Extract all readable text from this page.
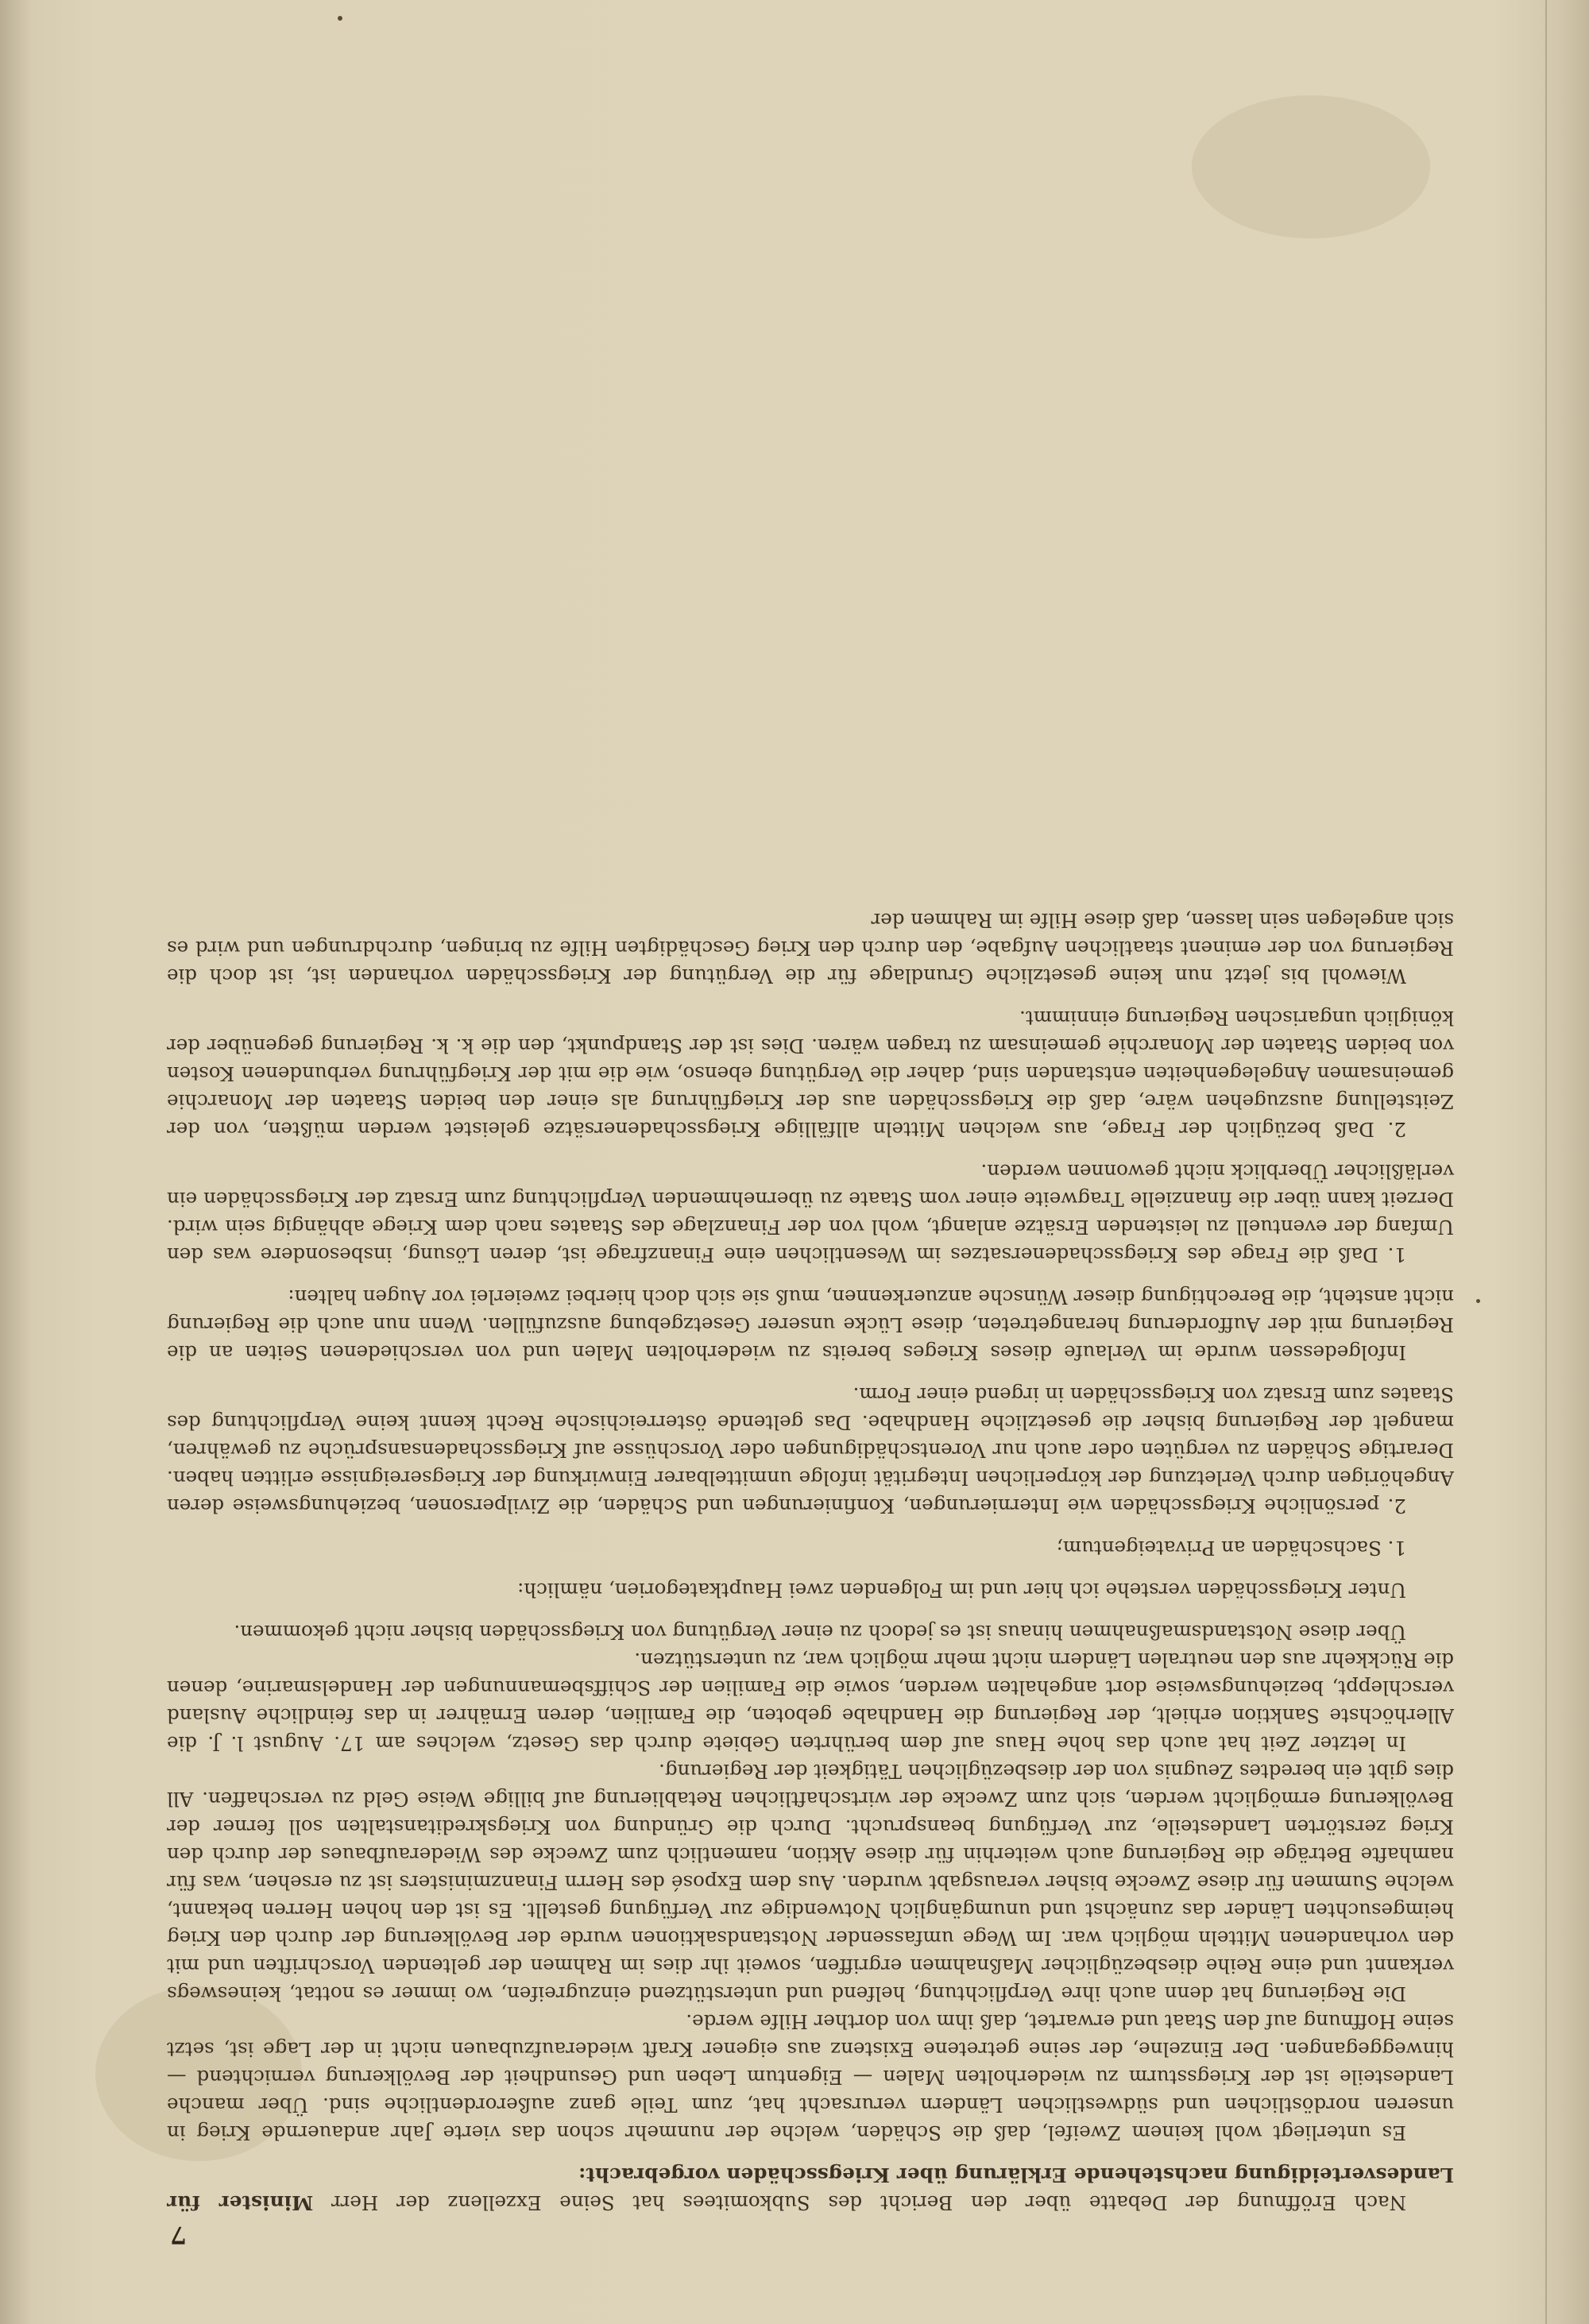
7

Nach Eröffnung der Debatte über den Bericht des Subkomitees hat Seine Exzellenz der Herr Minister für Landesverteidigung nachstehende Erklärung über Kriegsschäden vorgebracht:

Es unterliegt wohl keinem Zweifel, daß die Schäden, welche der nunmehr schon das vierte Jahr andauernde Krieg in unseren nordöstlichen und südwestlichen Ländern verursacht hat, zum Teile ganz außerordentliche sind. Über manche Landesteile ist der Kriegssturm zu wiederholten Malen — Eigentum Leben und Gesundheit der Bevölkerung vernichtend — hinweggegangen. Der Einzelne, der seine getretene Existenz aus eigener Kraft wiederaufzubauen nicht in der Lage ist, setzt seine Hoffnung auf den Staat und erwartet, daß ihm von dorther Hilfe werde.

Die Regierung hat denn auch ihre Verpflichtung, helfend und unterstützend einzugreifen, wo immer es nottat, keineswegs verkannt und eine Reihe diesbezüglicher Maßnahmen ergriffen, soweit ihr dies im Rahmen der geltenden Vorschriften und mit den vorhandenen Mitteln möglich war. Im Wege umfassender Notstandsaktionen wurde der Bevölkerung der durch den Krieg heimgesuchten Länder das zunächst und unumgänglich Notwendige zur Verfügung gestellt. Es ist den hohen Herren bekannt, welche Summen für diese Zwecke bisher verausgabt wurden. Aus dem Exposé des Herrn Finanzministers ist zu ersehen, was für namhafte Beträge die Regierung auch weiterhin für diese Aktion, namentlich zum Zwecke des Wiederaufbaues der durch den Krieg zerstörten Landesteile, zur Verfügung beansprucht. Durch die Gründung von Kriegskreditanstalten soll ferner der Bevölkerung ermöglicht werden, sich zum Zwecke der wirtschaftlichen Retablierung auf billige Weise Geld zu verschaffen. All dies gibt ein beredtes Zeugnis von der diesbezüglichen Tätigkeit der Regierung.

In letzter Zeit hat auch das hohe Haus auf dem berührten Gebiete durch das Gesetz, welches am 17. August l. J. die Allerhöchste Sanktion erhielt, der Regierung die Handhabe geboten, die Familien, deren Ernährer in das feindliche Ausland verschleppt, beziehungsweise dort angehalten werden, sowie die Familien der Schiffsbemannungen der Handelsmarine, denen die Rückkehr aus den neutralen Ländern nicht mehr möglich war, zu unterstützen.

Über diese Notstandsmaßnahmen hinaus ist es jedoch zu einer Vergütung von Kriegsschäden bisher nicht gekommen.

Unter Kriegsschäden verstehe ich hier und im Folgenden zwei Hauptkategorien, nämlich:

1. Sachschäden an Privateigentum;

2. persönliche Kriegsschäden wie Internierungen, Konfinierungen und Schäden, die Zivilpersonen, beziehungsweise deren Angehörigen durch Verletzung der körperlichen Integrität infolge unmittelbarer Einwirkung der Kriegsereignisse erlitten haben. Derartige Schäden zu vergüten oder auch nur Vorentschädigungen oder Vorschüsse auf Kriegsschadensansprüche zu gewähren, mangelt der Regierung bisher die gesetzliche Handhabe. Das geltende österreichische Recht kennt keine Verpflichtung des Staates zum Ersatz von Kriegsschäden in irgend einer Form.

Infolgedessen wurde im Verlaufe dieses Krieges bereits zu wiederholten Malen und von verschiedenen Seiten an die Regierung mit der Aufforderung herangetreten, diese Lücke unserer Gesetzgebung auszufüllen. Wenn nun auch die Regierung nicht ansteht, die Berechtigung dieser Wünsche anzuerkennen, muß sie sich doch hierbei zweierlei vor Augen halten:

1. Daß die Frage des Kriegsschadenersatzes im Wesentlichen eine Finanzfrage ist, deren Lösung, insbesondere was den Umfang der eventuell zu leistenden Ersätze anlangt, wohl von der Finanzlage des Staates nach dem Kriege abhängig sein wird. Derzeit kann über die finanzielle Tragweite einer vom Staate zu übernehmenden Verpflichtung zum Ersatz der Kriegsschäden ein verläßlicher Überblick nicht gewonnen werden.

2. Daß bezüglich der Frage, aus welchen Mitteln allfällige Kriegsschadenersätze geleistet werden müßten, von der Zeitstellung auszugehen wäre, daß die Kriegsschäden aus der Kriegführung als einer den beiden Staaten der Monarchie gemeinsamen Angelegenheiten entstanden sind, daher die Vergütung ebenso, wie die mit der Kriegführung verbundenen Kosten von beiden Staaten der Monarchie gemeinsam zu tragen wären. Dies ist der Standpunkt, den die k. k. Regierung gegenüber der königlich ungarischen Regierung einnimmt.

Wiewohl bis jetzt nun keine gesetzliche Grundlage für die Vergütung der Kriegsschäden vorhanden ist, ist doch die Regierung von der eminent staatlichen Aufgabe, den durch den Krieg Geschädigten Hilfe zu bringen, durchdrungen und wird es sich angelegen sein lassen, daß diese Hilfe im Rahmen der
